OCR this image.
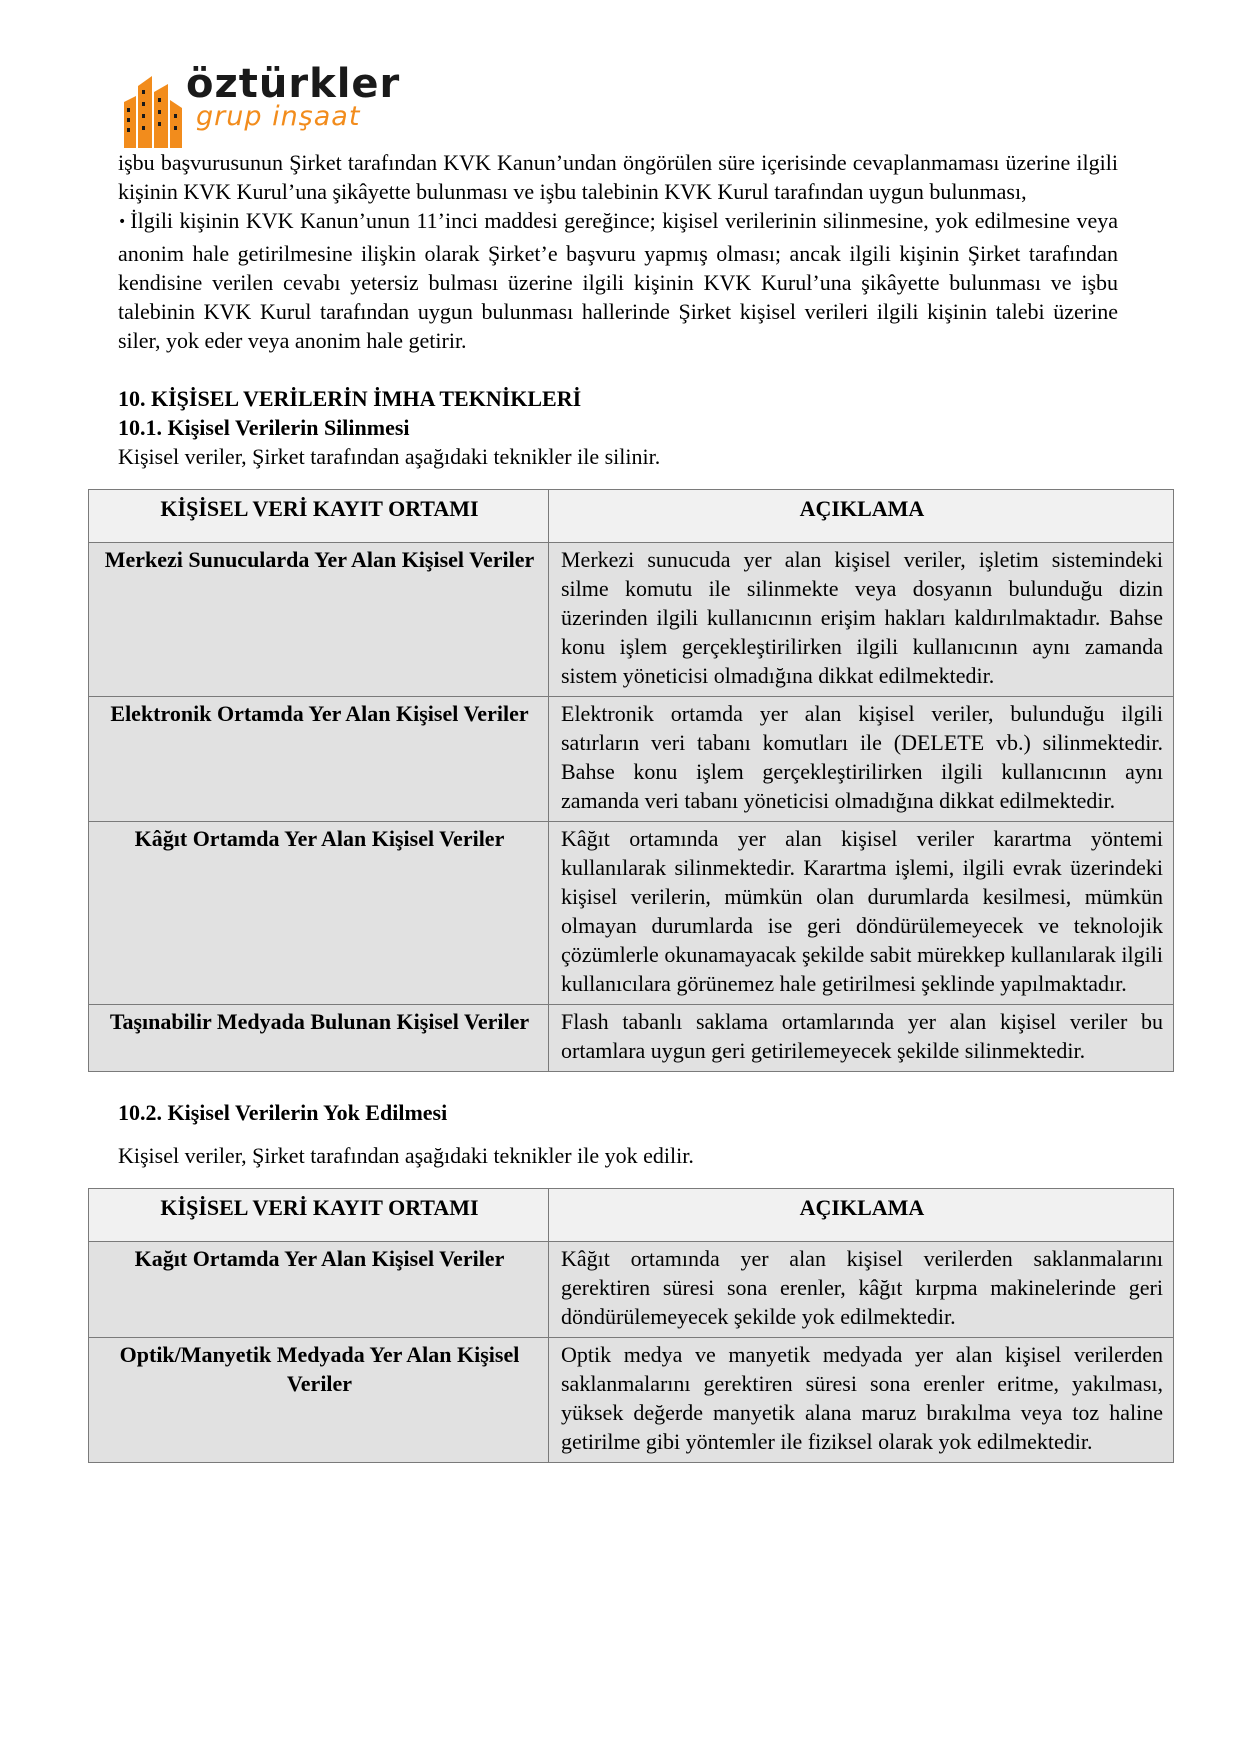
öztürkler
grup inşaat

işbu başvurusunun Şirket tarafından KVK Kanun’undan öngörülen süre içerisinde cevaplanmaması üzerine ilgili kişinin KVK Kurul’una şikâyette bulunması ve işbu talebinin KVK Kurul tarafından uygun bulunması,

• İlgili kişinin KVK Kanun’unun 11’inci maddesi gereğince; kişisel verilerinin silinmesine, yok edilmesine veya anonim hale getirilmesine ilişkin olarak Şirket’e başvuru yapmış olması; ancak ilgili kişinin Şirket tarafından kendisine verilen cevabı yetersiz bulması üzerine ilgili kişinin KVK Kurul’una şikâyette bulunması ve işbu talebinin KVK Kurul tarafından uygun bulunması hallerinde Şirket kişisel verileri ilgili kişinin talebi üzerine siler, yok eder veya anonim hale getirir.

10. KİŞİSEL VERİLERİN İMHA TEKNİKLERİ
10.1. Kişisel Verilerin Silinmesi

Kişisel veriler, Şirket tarafından aşağıdaki teknikler ile silinir.

KİŞİSEL VERİ KAYIT ORTAMI	AÇIKLAMA
Merkezi Sunucularda Yer Alan Kişisel Veriler	Merkezi sunucuda yer alan kişisel veriler, işletim sistemindeki silme komutu ile silinmekte veya dosyanın bulunduğu dizin üzerinden ilgili kullanıcının erişim hakları kaldırılmaktadır. Bahse konu işlem gerçekleştirilirken ilgili kullanıcının aynı zamanda sistem yöneticisi olmadığına dikkat edilmektedir.
Elektronik Ortamda Yer Alan Kişisel Veriler	Elektronik ortamda yer alan kişisel veriler, bulunduğu ilgili satırların veri tabanı komutları ile (DELETE vb.) silinmektedir. Bahse konu işlem gerçekleştirilirken ilgili kullanıcının aynı zamanda veri tabanı yöneticisi olmadığına dikkat edilmektedir.
Kâğıt Ortamda Yer Alan Kişisel Veriler	Kâğıt ortamında yer alan kişisel veriler karartma yöntemi kullanılarak silinmektedir. Karartma işlemi, ilgili evrak üzerindeki kişisel verilerin, mümkün olan durumlarda kesilmesi, mümkün olmayan durumlarda ise geri döndürülemeyecek ve teknolojik çözümlerle okunamayacak şekilde sabit mürekkep kullanılarak ilgili kullanıcılara görünemez hale getirilmesi şeklinde yapılmaktadır.
Taşınabilir Medyada Bulunan Kişisel Veriler	Flash tabanlı saklama ortamlarında yer alan kişisel veriler bu ortamlara uygun geri getirilemeyecek şekilde silinmektedir.
10.2. Kişisel Verilerin Yok Edilmesi

Kişisel veriler, Şirket tarafından aşağıdaki teknikler ile yok edilir.

KİŞİSEL VERİ KAYIT ORTAMI	AÇIKLAMA
Kağıt Ortamda Yer Alan Kişisel Veriler	Kâğıt ortamında yer alan kişisel verilerden saklanmalarını gerektiren süresi sona erenler, kâğıt kırpma makinelerinde geri döndürülemeyecek şekilde yok edilmektedir.
Optik/Manyetik Medyada Yer Alan Kişisel Veriler	Optik medya ve manyetik medyada yer alan kişisel verilerden saklanmalarını gerektiren süresi sona erenler eritme, yakılması, yüksek değerde manyetik alana maruz bırakılma veya toz haline getirilme gibi yöntemler ile fiziksel olarak yok edilmektedir.
